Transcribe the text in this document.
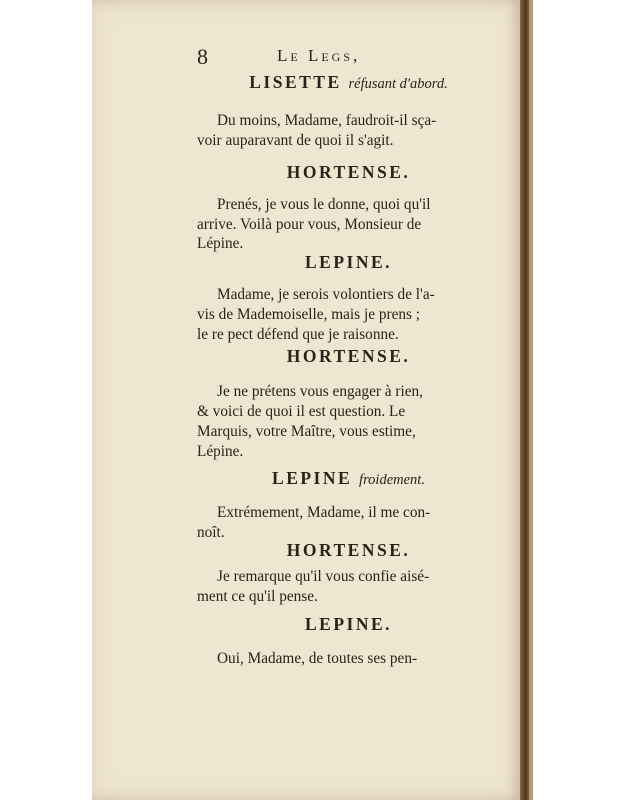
8	Le Legs,
LISETTE réfusant d'abord.
Du moins, Madame, faudroit-il sça-
voir auparavant de quoi il s'agit.
HORTENSE.
Prenés, je vous le donne, quoi qu'il
arrive. Voilà pour vous, Monsieur de
Lépine.
LEPINE.
Madame, je serois volontiers de l'a-
vis de Mademoiselle, mais je prens ;
le re pect défend que je raisonne.
HORTENSE.
Je ne prétens vous engager à rien,
& voici de quoi il est question. Le
Marquis, votre Maître, vous estime,
Lépine.
LEPINE froidement.
Extrémement, Madame, il me con-
noît.
HORTENSE.
Je remarque qu'il vous confie aisé-
ment ce qu'il pense.
LEPINE.
Oui, Madame, de toutes ses pen-
